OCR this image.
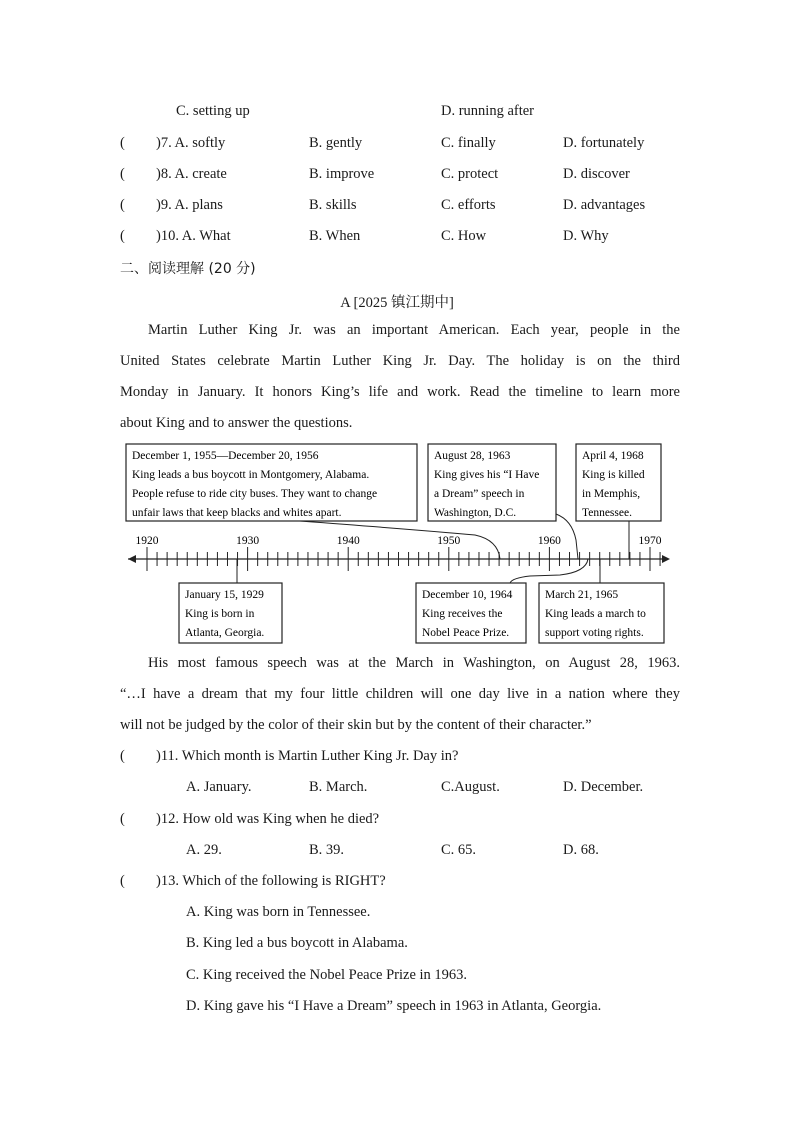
C. setting up	D. running after
( )7. A. softly	B. gently	C. finally	D. fortunately
( )8. A. create	B. improve	C. protect	D. discover
( )9. A. plans	B. skills	C. efforts	D. advantages
( )10. A. What	B. When	C. How	D. Why
二、阅读理解 (20 分)
A [2025 镇江期中]
Martin Luther King Jr. was an important American. Each year, people in the
United States celebrate Martin Luther King Jr. Day. The holiday is on the third
Monday in January. It honors King’s life and work. Read the timeline to learn more
about King and to answer the questions.
1920	1930	1940	1950	1960	1970
December 1, 1955—December 20, 1956
King leads a bus boycott in Montgomery, Alabama.
People refuse to ride city buses. They want to change
unfair laws that keep blacks and whites apart.
August 28, 1963
King gives his “I Have
a Dream” speech in
Washington, D.C.
April 4, 1968
King is killed
in Memphis,
Tennessee.
January 15, 1929
King is born in
Atlanta, Georgia.
December 10, 1964
King receives the
Nobel Peace Prize.
March 21, 1965
King leads a march to
support voting rights.
His most famous speech was at the March in Washington, on August 28, 1963.
“…I have a dream that my four little children will one day live in a nation where they
will not be judged by the color of their skin but by the content of their character.”
( )11. Which month is Martin Luther King Jr. Day in?
A. January.	B. March.	C.August.	D. December.
( )12. How old was King when he died?
A. 29.	B. 39.	C. 65.	D. 68.
( )13. Which of the following is RIGHT?
A. King was born in Tennessee.
B. King led a bus boycott in Alabama.
C. King received the Nobel Peace Prize in 1963.
D. King gave his “I Have a Dream” speech in 1963 in Atlanta, Georgia.
